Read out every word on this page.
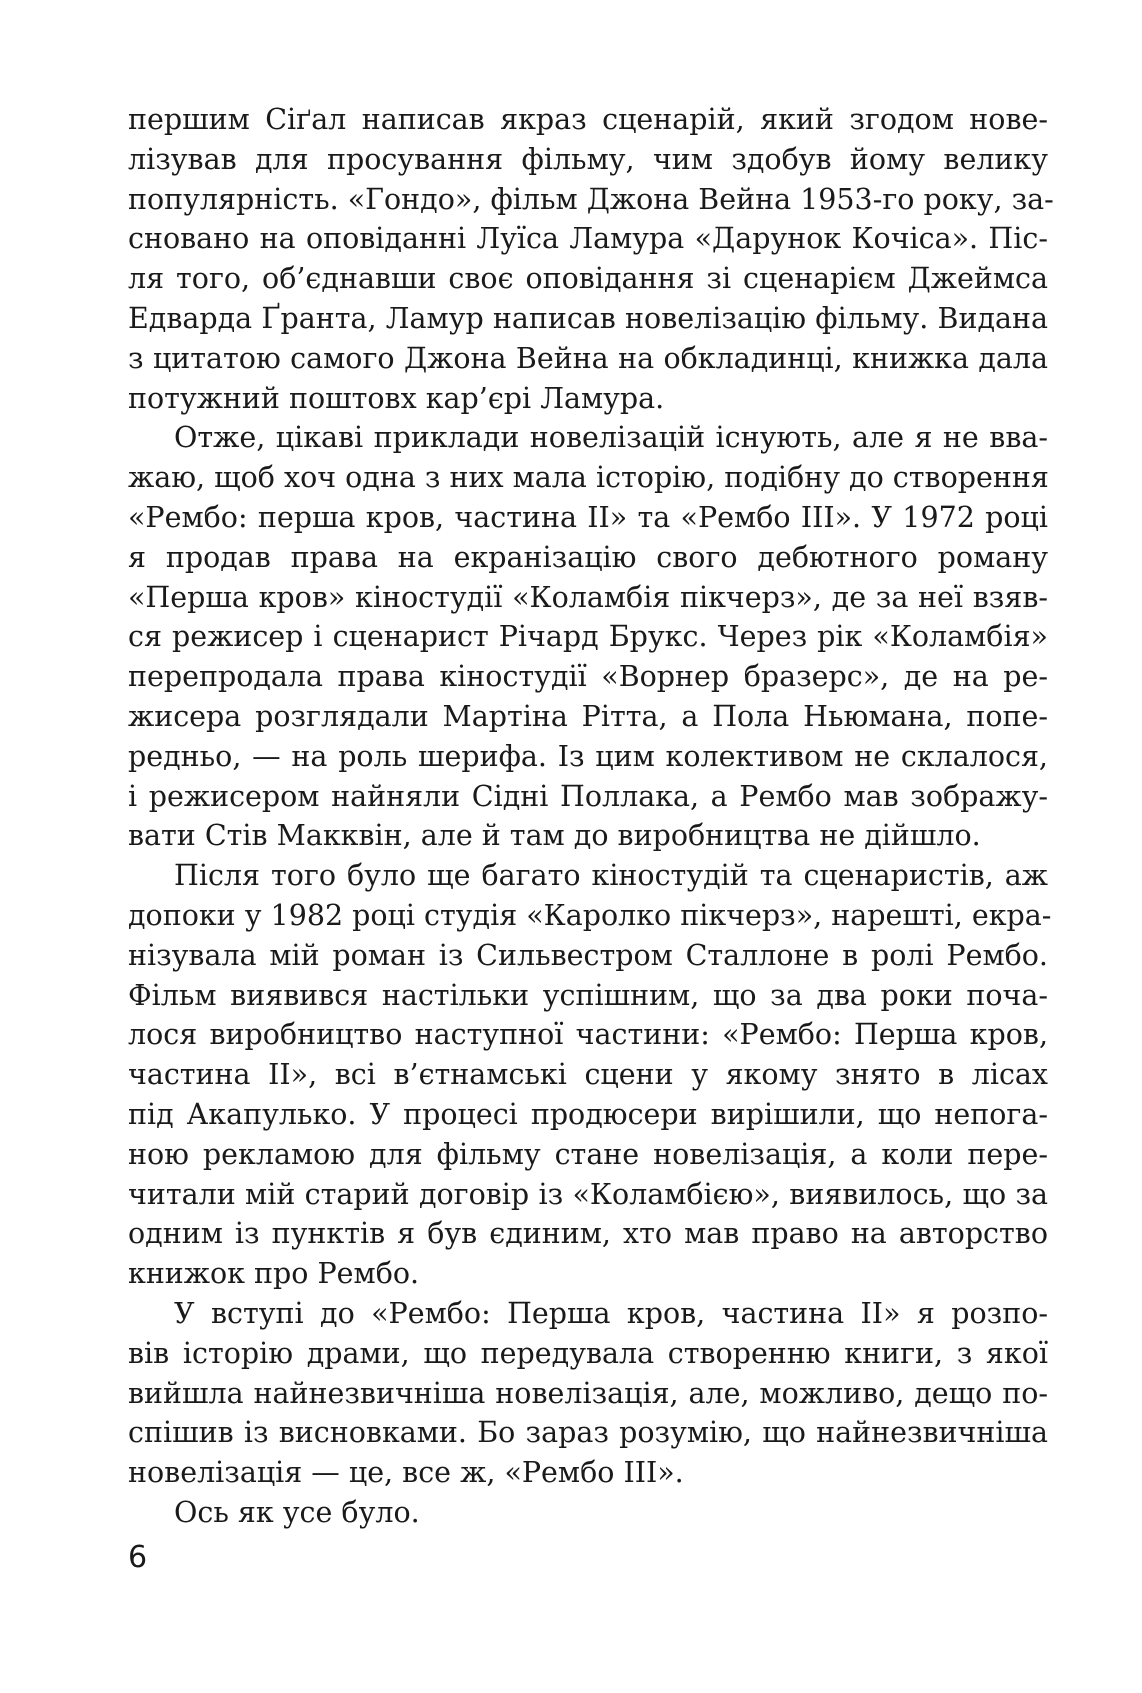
першим Сіґал написав якраз сценарій, який згодом нове-
лізував для просування фільму, чим здобув йому велику
популярність. «Гондо», фільм Джона Вейна 1953-го року, за-
сновано на оповіданні Луїса Ламура «Дарунок Кочіса». Піс-
ля того, об’єднавши своє оповідання зі сценарієм Джеймса
Едварда Ґранта, Ламур написав новелізацію фільму. Видана
з цитатою самого Джона Вейна на обкладинці, книжка дала
потужний поштовх кар’єрі Ламура.
Отже, цікаві приклади новелізацій існують, але я не вва-
жаю, щоб хоч одна з них мала історію, подібну до створення
«Рембо: перша кров, частина II» та «Рембо III». У 1972 році
я продав права на екранізацію свого дебютного роману
«Перша кров» кіностудії «Коламбія пікчерз», де за неї взяв-
ся режисер і сценарист Річард Брукс. Через рік «Коламбія»
перепродала права кіностудії «Ворнер бразерс», де на ре-
жисера розглядали Мартіна Рітта, а Пола Ньюмана, попе-
редньо, — на роль шерифа. Із цим колективом не склалося,
і режисером найняли Сідні Поллака, а Рембо мав зображу-
вати Стів Макквін, але й там до виробництва не дійшло.
Після того було ще багато кіностудій та сценаристів, аж
допоки у 1982 році студія «Каролко пікчерз», нарешті, екра-
нізувала мій роман із Сильвестром Сталлоне в ролі Рембо.
Фільм виявився настільки успішним, що за два роки поча-
лося виробництво наступної частини: «Рембо: Перша кров,
частина II», всі в’єтнамські сцени у якому знято в лісах
під Акапулько. У процесі продюсери вирішили, що непога-
ною рекламою для фільму стане новелізація, а коли пере-
читали мій старий договір із «Коламбією», виявилось, що за
одним із пунктів я був єдиним, хто мав право на авторство
книжок про Рембо.
У вступі до «Рембо: Перша кров, частина II» я розпо-
вів історію драми, що передувала створенню книги, з якої
вийшла найнезвичніша новелізація, але, можливо, дещо по-
спішив із висновками. Бо зараз розумію, що найнезвичніша
новелізація — це, все ж, «Рембо III».
Ось як усе було.
6
